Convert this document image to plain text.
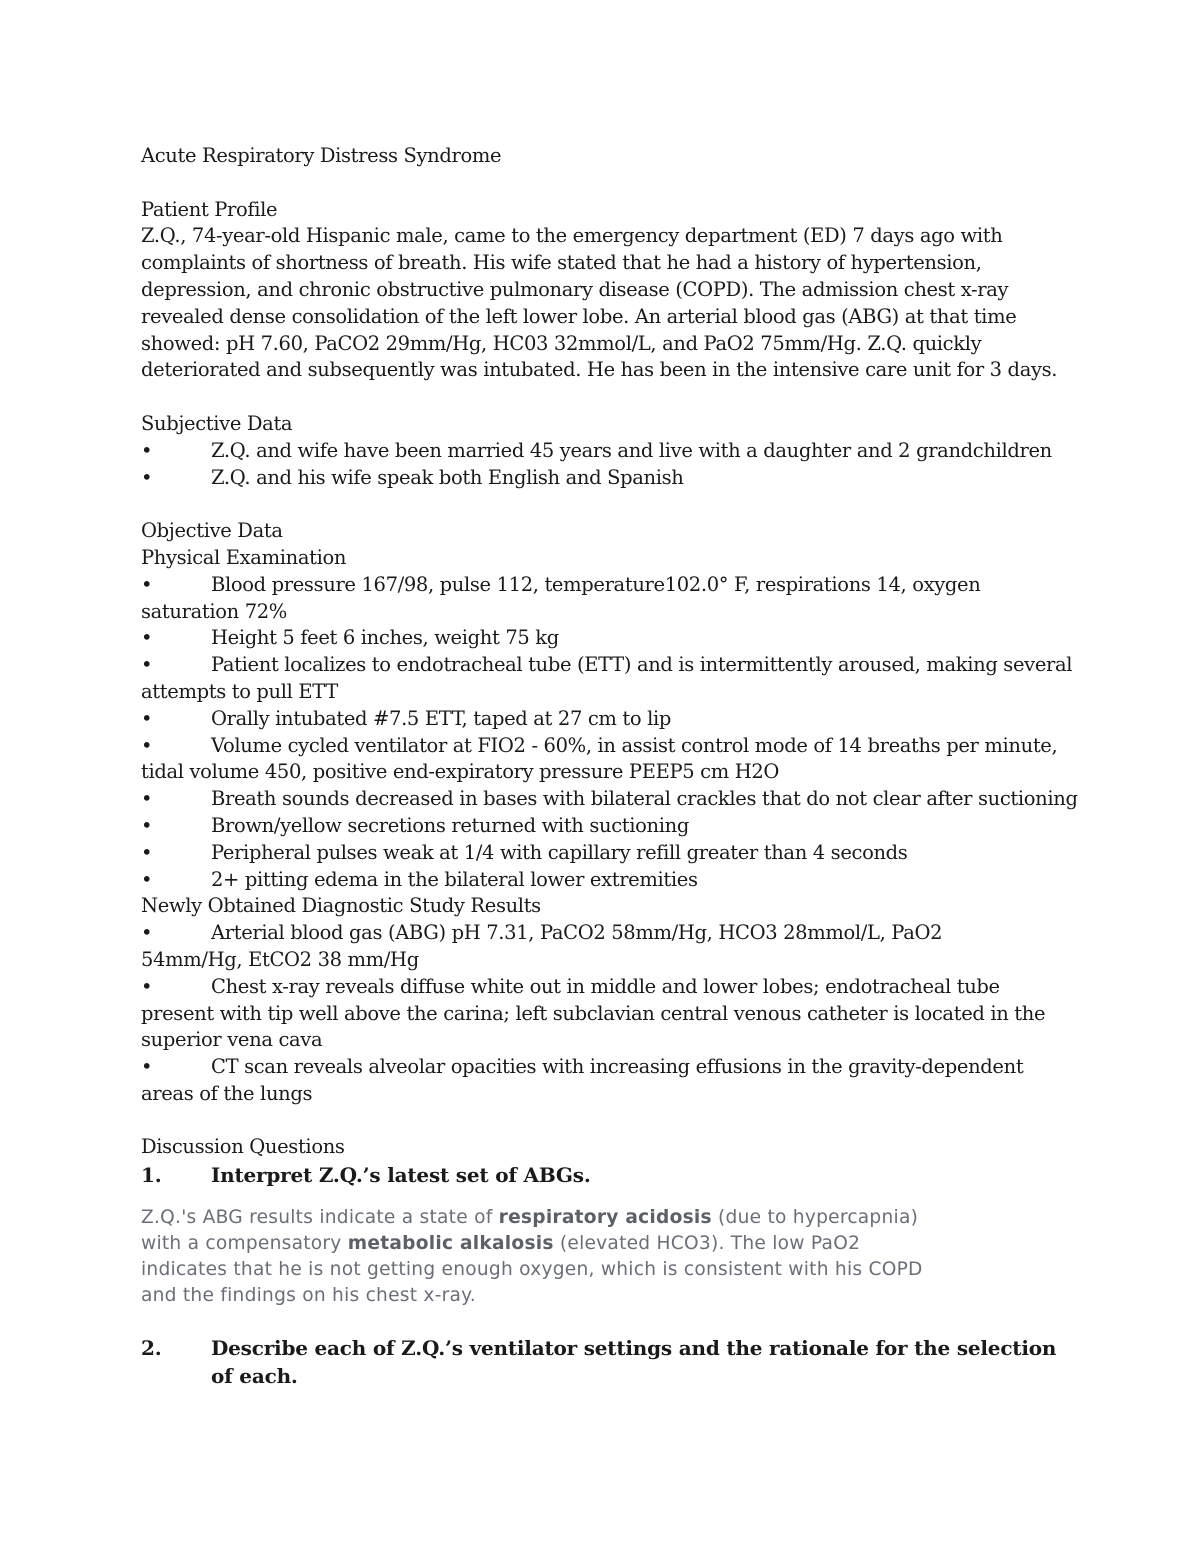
Acute Respiratory Distress Syndrome
Patient Profile
Z.Q., 74-year-old Hispanic male, came to the emergency department (ED) 7 days ago with
complaints of shortness of breath. His wife stated that he had a history of hypertension,
depression, and chronic obstructive pulmonary disease (COPD). The admission chest x-ray
revealed dense consolidation of the left lower lobe. An arterial blood gas (ABG) at that time
showed: pH 7.60, PaCO2 29mm/Hg, HC03 32mmol/L, and PaO2 75mm/Hg. Z.Q. quickly
deteriorated and subsequently was intubated. He has been in the intensive care unit for 3 days.
Subjective Data
•	Z.Q. and wife have been married 45 years and live with a daughter and 2 grandchildren
•	Z.Q. and his wife speak both English and Spanish
Objective Data
Physical Examination
•	Blood pressure 167/98, pulse 112, temperature102.0° F, respirations 14, oxygen
saturation 72%
•	Height 5 feet 6 inches, weight 75 kg
•	Patient localizes to endotracheal tube (ETT) and is intermittently aroused, making several
attempts to pull ETT
•	Orally intubated #7.5 ETT, taped at 27 cm to lip
•	Volume cycled ventilator at FIO2 - 60%, in assist control mode of 14 breaths per minute,
tidal volume 450, positive end-expiratory pressure PEEP5 cm H2O
•	Breath sounds decreased in bases with bilateral crackles that do not clear after suctioning
•	Brown/yellow secretions returned with suctioning
•	Peripheral pulses weak at 1/4 with capillary refill greater than 4 seconds
•	2+ pitting edema in the bilateral lower extremities
Newly Obtained Diagnostic Study Results
•	Arterial blood gas (ABG) pH 7.31, PaCO2 58mm/Hg, HCO3 28mmol/L, PaO2
54mm/Hg, EtCO2 38 mm/Hg
•	Chest x-ray reveals diffuse white out in middle and lower lobes; endotracheal tube
present with tip well above the carina; left subclavian central venous catheter is located in the
superior vena cava
•	CT scan reveals alveolar opacities with increasing effusions in the gravity-dependent
areas of the lungs
Discussion Questions
1.	Interpret Z.Q.’s latest set of ABGs.
Z.Q.'s ABG results indicate a state of respiratory acidosis (due to hypercapnia)
with a compensatory metabolic alkalosis (elevated HCO3). The low PaO2
indicates that he is not getting enough oxygen, which is consistent with his COPD
and the findings on his chest x-ray.
2.	Describe each of Z.Q.’s ventilator settings and the rationale for the selection of each.
